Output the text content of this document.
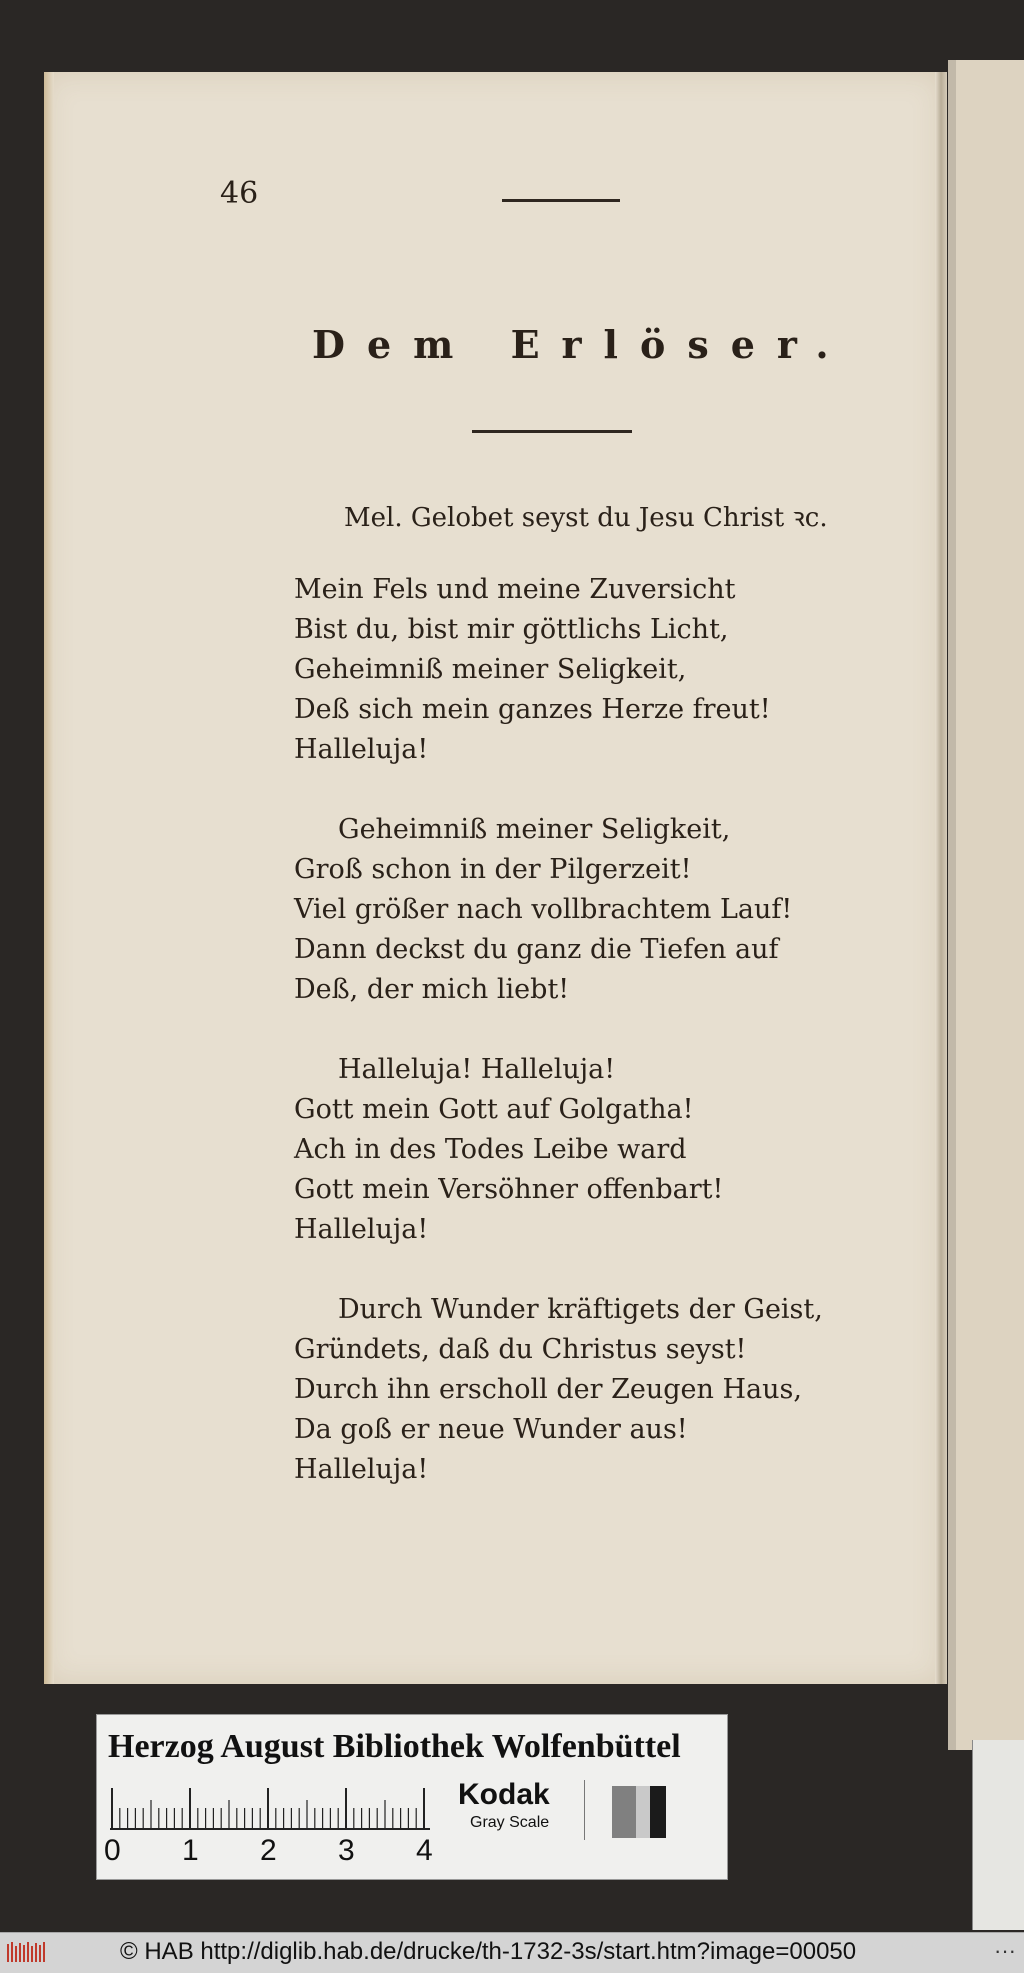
46
Dem Erlöser.
Mel. Gelobet seyst du Jesu Christ ꝛc.
Mein Fels und meine Zuversicht
Bist du, bist mir göttlichs Licht,
Geheimniß meiner Seligkeit,
Deß sich mein ganzes Herze freut!
Halleluja!
Geheimniß meiner Seligkeit,
Groß schon in der Pilgerzeit!
Viel größer nach vollbrachtem Lauf!
Dann deckst du ganz die Tiefen auf
Deß, der mich liebt!
Halleluja! Halleluja!
Gott mein Gott auf Golgatha!
Ach in des Todes Leibe ward
Gott mein Versöhner offenbart!
Halleluja!
Durch Wunder kräftigets der Geist,
Gründets, daß du Christus seyst!
Durch ihn erscholl der Zeugen Haus,
Da goß er neue Wunder aus!
Halleluja!
Herzog August Bibliothek Wolfenbüttel
0 1 2 3 4
Kodak
Gray Scale
© HAB http://diglib.hab.de/drucke/th-1732-3s/start.htm?image=00050	···
